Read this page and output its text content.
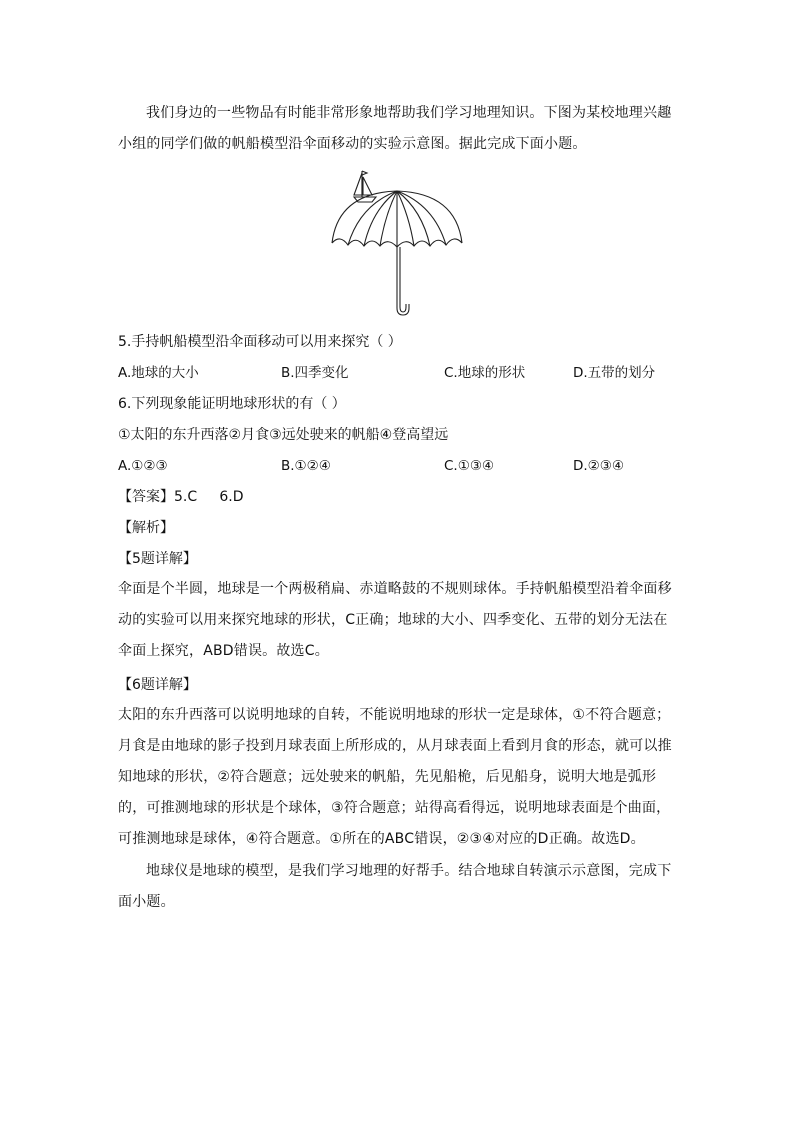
我们身边的一些物品有时能非常形象地帮助我们学习地理知识。下图为某校地理兴趣小组的同学们做的帆船模型沿伞面移动的实验示意图。据此完成下面小题。
5.手持帆船模型沿伞面移动可以用来探究（ ）
A.地球的大小	B.四季变化	C.地球的形状	D.五带的划分
6.下列现象能证明地球形状的有（ ）
①太阳的东升西落②月食③远处驶来的帆船④登高望远
A.①②③	B.①②④	C.①③④	D.②③④
【答案】5.C     6.D
【解析】
【5题详解】
伞面是个半圆，地球是一个两极稍扁、赤道略鼓的不规则球体。手持帆船模型沿着伞面移动的实验可以用来探究地球的形状，C正确；地球的大小、四季变化、五带的划分无法在伞面上探究，ABD错误。故选C。
【6题详解】
太阳的东升西落可以说明地球的自转，不能说明地球的形状一定是球体，①不符合题意；月食是由地球的影子投到月球表面上所形成的，从月球表面上看到月食的形态，就可以推知地球的形状，②符合题意；远处驶来的帆船，先见船桅，后见船身，说明大地是弧形的，可推测地球的形状是个球体，③符合题意；站得高看得远，说明地球表面是个曲面，可推测地球是球体，④符合题意。①所在的ABC错误，②③④对应的D正确。故选D。
地球仪是地球的模型，是我们学习地理的好帮手。结合地球自转演示示意图，完成下面小题。
